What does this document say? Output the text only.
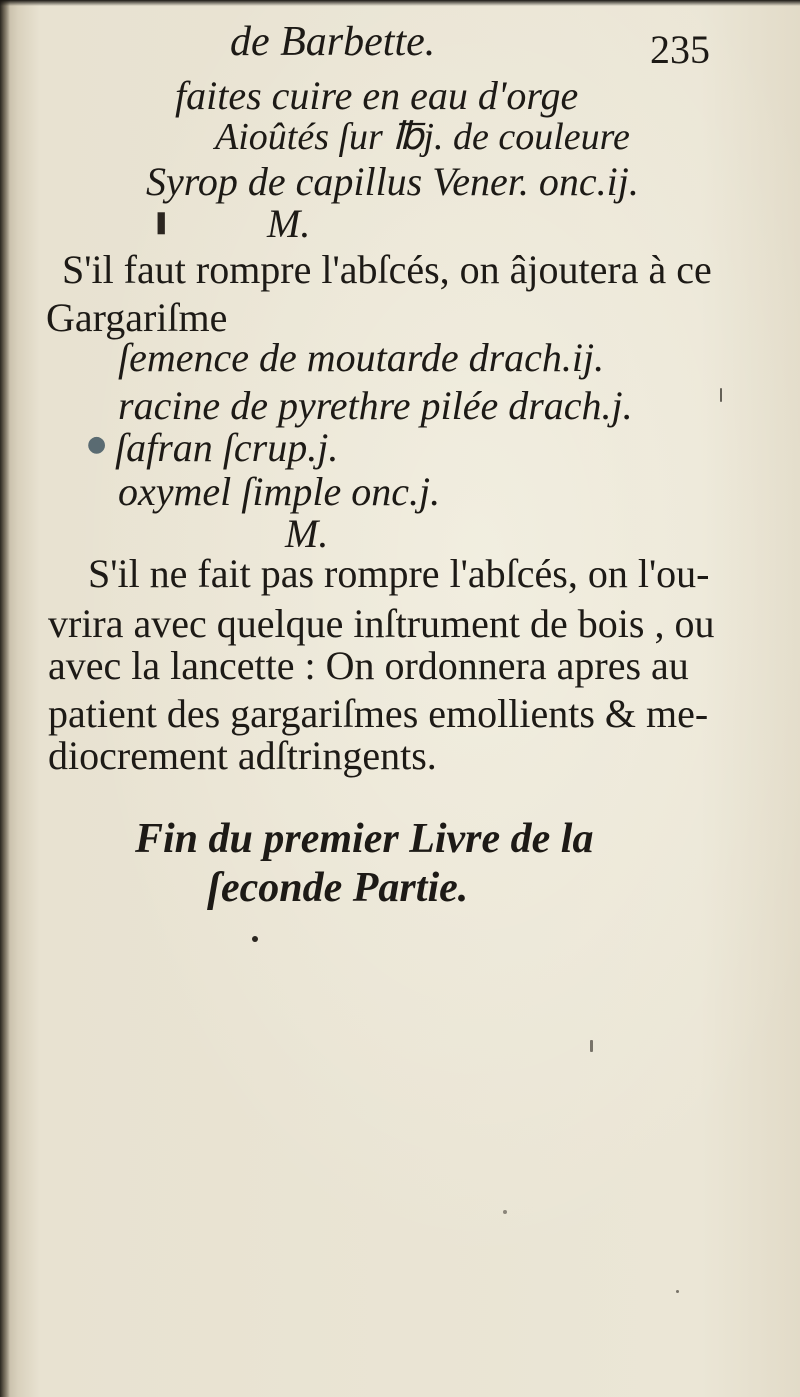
de Barbette.	235
faites cuire en eau d'orge
Aioûtés ſur ℔j. de couleure
Syrop de capillus Vener. onc.ij.
❚ M.
S'il faut rompre l'abſcés, on âjoutera à ce
Gargariſme
ſemence de moutarde drach.ij.
racine de pyrethre pilée drach.j.
● ſafran ſcrup.j.
oxymel ſimple onc.j.
M.
S'il ne fait pas rompre l'abſcés, on l'ou-
vrira avec quelque inſtrument de bois , ou
avec la lancette : On ordonnera apres au
patient des gargariſmes emollients & me-
diocrement adſtringents.
Fin du premier Livre de la
ſeconde Partie.
